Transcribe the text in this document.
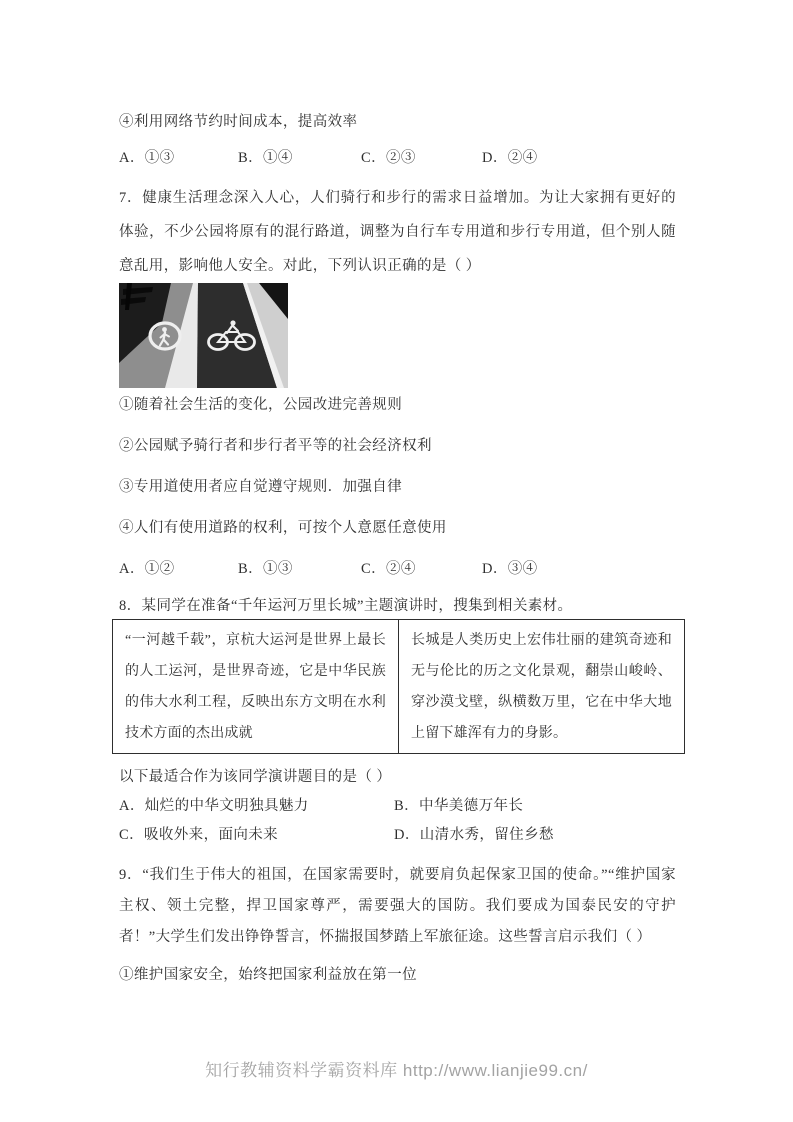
④利用网络节约时间成本，提高效率

A．①③	B．①④	C．②③	D．②④

7．健康生活理念深入人心，人们骑行和步行的需求日益增加。为让大家拥有更好的体验，不少公园将原有的混行路道，调整为自行车专用道和步行专用道，但个别人随意乱用，影响他人安全。对此，下列认识正确的是（ ）

①随着社会生活的变化，公园改进完善规则

②公园赋予骑行者和步行者平等的社会经济权利

③专用道使用者应自觉遵守规则．加强自律

④人们有使用道路的权利，可按个人意愿任意使用

A．①②	B．①③	C．②④	D．③④

8．某同学在准备“千年运河万里长城”主题演讲时，搜集到相关素材。

“一河越千载”，京杭大运河是世界上最长的人工运河，是世界奇迹，它是中华民族的伟大水利工程，反映出东方文明在水利技术方面的杰出成就	长城是人类历史上宏伟壮丽的建筑奇迹和无与伦比的历之文化景观，翻崇山峻岭、穿沙漠戈壁，纵横数万里，它在中华大地上留下雄浑有力的身影。

以下最适合作为该同学演讲题目的是（ ）

A．灿烂的中华文明独具魅力	B．中华美德万年长
C．吸收外来，面向未来	D．山清水秀，留住乡愁

9．“我们生于伟大的祖国，在国家需要时，就要肩负起保家卫国的使命。”“维护国家主权、领土完整，捍卫国家尊严，需要强大的国防。我们要成为国泰民安的守护者！”大学生们发出铮铮誓言，怀揣报国梦踏上军旅征途。这些誓言启示我们（ ）

①维护国家安全，始终把国家利益放在第一位

知行教辅资料学霸资料库 http://www.lianjie99.cn/
